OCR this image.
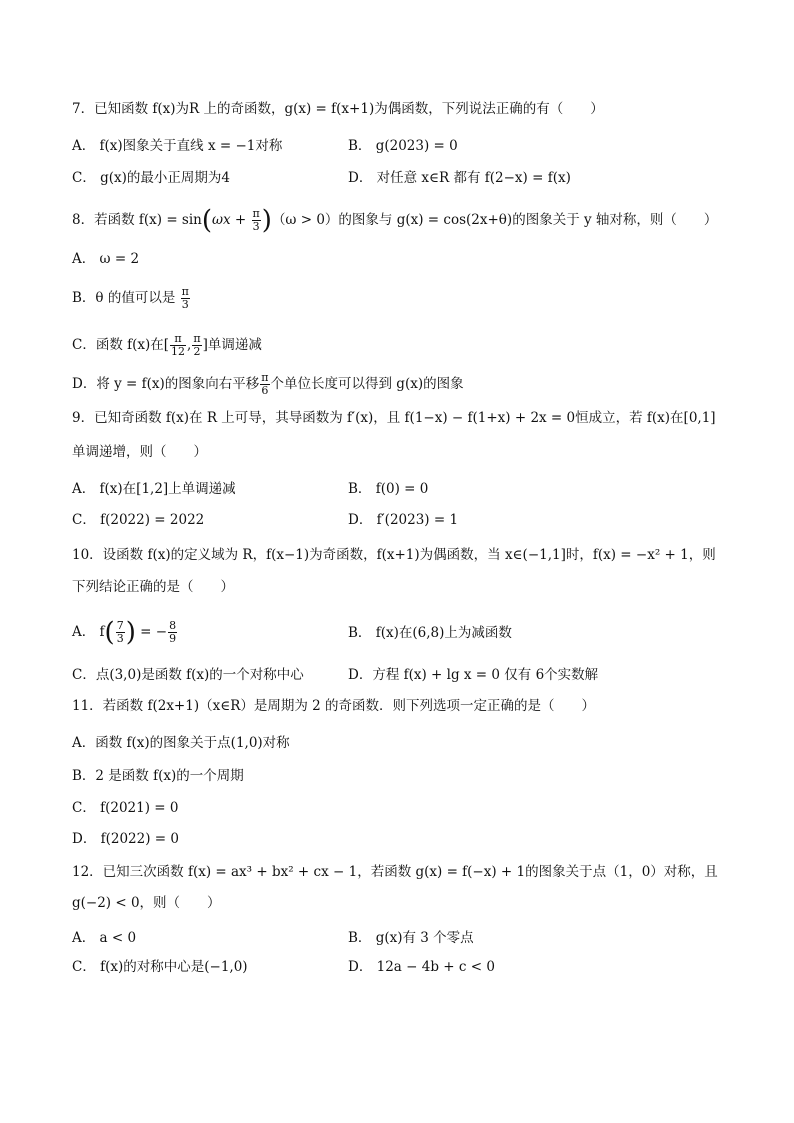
7．已知函数 f(x)为R 上的奇函数，g(x) = f(x+1)为偶函数，下列说法正确的有（　　）
A． f(x)图象关于直线 x = −1对称	B． g(2023) = 0
C． g(x)的最小正周期为4	D． 对任意 x∈R 都有 f(2−x) = f(x)
8．若函数 $f(x) = \sin(\omega x + \frac{\pi}{3} )(\omega > 0)$的图象与 g(x) = cos(2x+θ)的图象关于 y 轴对称，则（　　）
A． ω = 2
B．θ 的值可以是 $\frac{\pi}{3}$
C．函数 f(x)在[ $\frac{\pi}{12}$ , $\frac{\pi}{2}$ ]单调递减
D．将 y = f(x)的图象向右平移 $\frac{\pi}{6}$ 个单位长度可以得到 g(x)的图象
9．已知奇函数 f(x)在 R 上可导，其导函数为 f′(x)，且 f(1−x) − f(1+x) + 2x = 0恒成立，若 f(x)在[0,1]
单调递增，则（　　）
A． f(x)在[1,2]上单调递减	B． f(0) = 0
C． f(2022) = 2022	D． f′(2023) = 1
10．设函数 f(x)的定义域为 R，f(x−1)为奇函数，f(x+1)为偶函数，当 x∈(−1,1]时，f(x) = −x² + 1，则
下列结论正确的是（　　）
A． $f( \frac{7}{3}$ ) = − $\frac{8}{9}$	B． f(x)在(6,8)上为减函数
C．点(3,0)是函数 f(x)的一个对称中心	D．方程 f(x) + lg x = 0 仅有 6个实数解
11．若函数 f(2x+1)（x∈R）是周期为 2 的奇函数．则下列选项一定正确的是（　　）
A．函数 f(x)的图象关于点(1,0)对称
B．2 是函数 f(x)的一个周期
C． f(2021) = 0
D． f(2022) = 0
12．已知三次函数 f(x) = ax³ + bx² + cx − 1，若函数 g(x) = f(−x) + 1的图象关于点（1，0）对称，且
g(−2) < 0，则（　　）
A． a < 0	B． g(x)有 3 个零点
C． f(x)的对称中心是(−1,0)	D． 12a − 4b + c < 0
